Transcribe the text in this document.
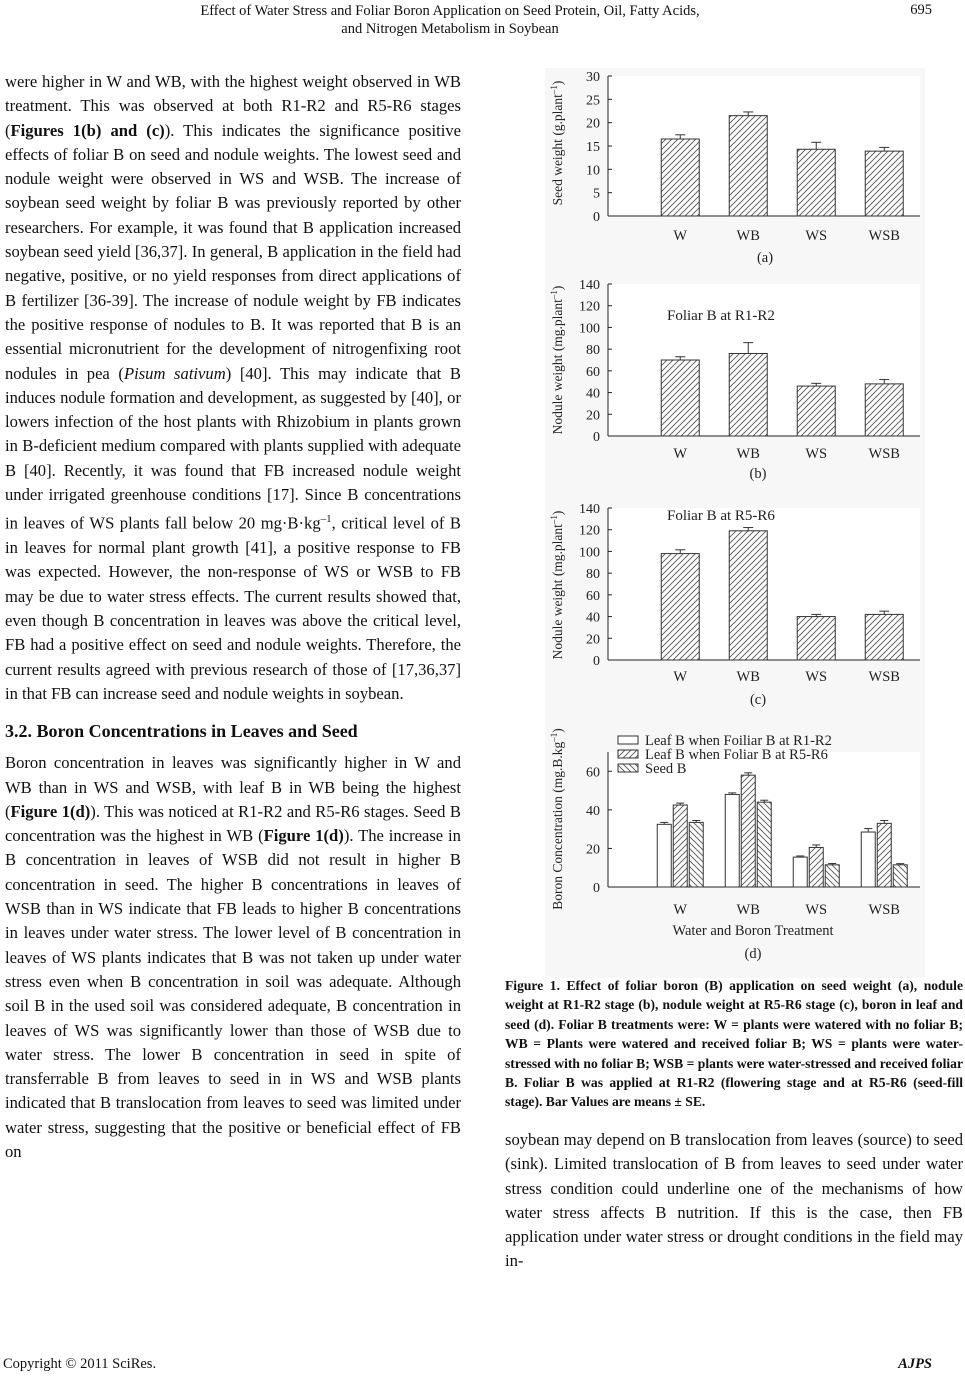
Effect of Water Stress and Foliar Boron Application on Seed Protein, Oil, Fatty Acids,
and Nitrogen Metabolism in Soybean
695

were higher in W and WB, with the highest weight observed in WB treatment. This was observed at both R1-R2 and R5-R6 stages (Figures 1(b) and (c)). This indicates the significance positive effects of foliar B on seed and nodule weights. The lowest seed and nodule weight were observed in WS and WSB. The increase of soybean seed weight by foliar B was previously reported by other researchers. For example, it was found that B application increased soybean seed yield [36,37]. In general, B application in the field had negative, positive, or no yield responses from direct applications of B fertilizer [36-39]. The increase of nodule weight by FB indicates the positive response of nodules to B. It was reported that B is an essential micronutrient for the development of nitrogenfixing root nodules in pea (Pisum sativum) [40]. This may indicate that B induces nodule formation and development, as suggested by [40], or lowers infection of the host plants with Rhizobium in plants grown in B-deficient medium compared with plants supplied with adequate B [40]. Recently, it was found that FB increased nodule weight under irrigated greenhouse conditions [17]. Since B concentrations in leaves of WS plants fall below 20 $mg\cdot B\cdot kg^{-1}$, critical level of B in leaves for normal plant growth [41], a positive response to FB was expected. However, the non-response of WS or WSB to FB may be due to water stress effects. The current results showed that, even though B concentration in leaves was above the critical level, FB had a positive effect on seed and nodule weights. Therefore, the current results agreed with previous research of those of [17,36,37] in that FB can increase seed and nodule weights in soybean.

3.2. Boron Concentrations in Leaves and Seed

Boron concentration in leaves was significantly higher in W and WB than in WS and WSB, with leaf B in WB being the highest (Figure 1(d)). This was noticed at R1-R2 and R5-R6 stages. Seed B concentration was the highest in WB (Figure 1(d)). The increase in B concentration in leaves of WSB did not result in higher B concentration in seed. The higher B concentrations in leaves of WSB than in WS indicate that FB leads to higher B concentrations in leaves under water stress. The lower level of B concentration in leaves of WS plants indicates that B was not taken up under water stress even when B concentration in soil was adequate. Although soil B in the used soil was considered adequate, B concentration in leaves of WS was significantly lower than those of WSB due to water stress. The lower B concentration in seed in spite of transferrable B from leaves to seed in in WS and WSB plants indicated that B translocation from leaves to seed was limited under water stress, suggesting that the positive or beneficial effect of FB on

0
5
10
15
20
25
30
Seed weight (g.plant$^{-1}$)
W	WB	WS	WSB
(a)
0
20
40
60
80
100
120
140
Nodule weight (mg.plant$^{-1}$)
W	WB	WS	WSB
Foliar B at R1-R2
(b)
0
20
40
60
80
100
120
140
Nodule weight (mg.plant$^{-1}$)
W	WB	WS	WSB
Foliar B at R5-R6
(c)
0
20
40
60
Boron Concentration $(mg.B.kg^{-1})$
Leaf B when Foiliar B at R1-R2
Leaf B when Foliar B at R5-R6
Seed B
W	WB	WS	WSB
Water and Boron Treatment
(d)
Figure 1. Effect of foliar boron (B) application on seed weight (a), nodule weight at R1-R2 stage (b), nodule weight at R5-R6 stage (c), boron in leaf and seed (d). Foliar B treatments were: W = plants were watered with no foliar B; WB = Plants were watered and received foliar B; WS = plants were water-stressed with no foliar B; WSB = plants were water-stressed and received foliar B. Foliar B was applied at R1-R2 (flowering stage and at R5-R6 (seed-fill stage). Bar Values are means ± SE.

soybean may depend on B translocation from leaves (source) to seed (sink). Limited translocation of B from leaves to seed under water stress condition could underline one of the mechanisms of how water stress affects B nutrition. If this is the case, then FB application under water stress or drought conditions in the field may in-

Copyright © 2011 SciRes.	AJPS
